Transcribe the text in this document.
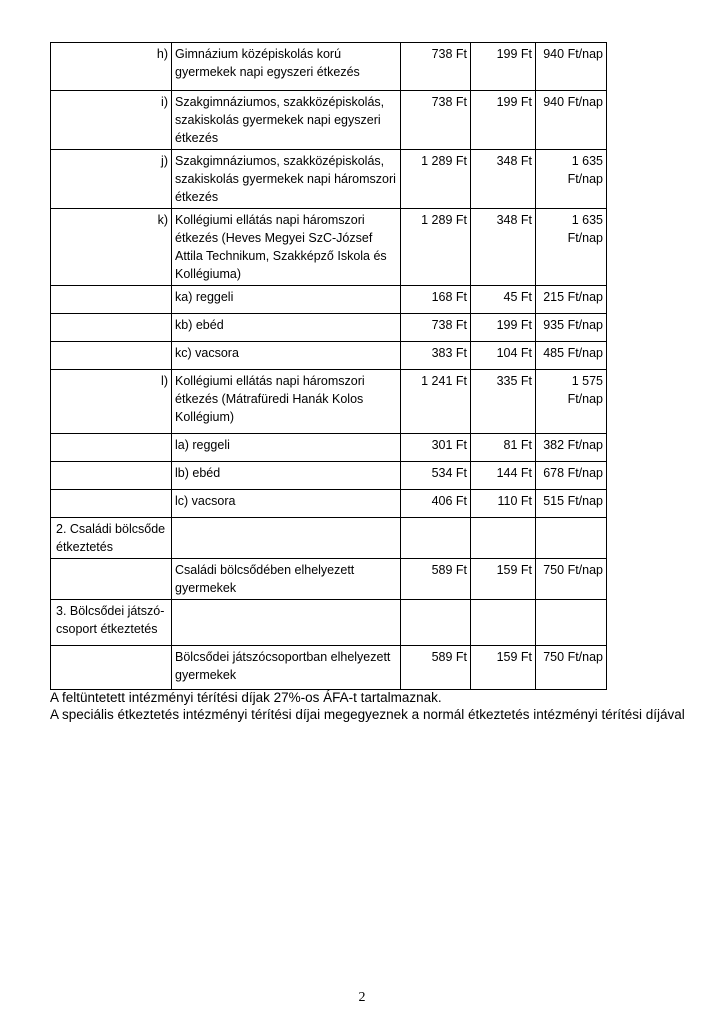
h)	Gimnázium középiskolás korú gyermekek napi egyszeri étkezés	738 Ft	199 Ft	940 Ft/nap

i)	Szakgimnáziumos, szakközépiskolás, szakiskolás gyermekek napi egyszeri étkezés	738 Ft	199 Ft	940 Ft/nap

j)	Szakgimnáziumos, szakközépiskolás, szakiskolás gyermekek napi háromszori étkezés	1 289 Ft	348 Ft	1 635 Ft/nap

k)	Kollégiumi ellátás napi háromszori étkezés (Heves Megyei SzC-József Attila Technikum, Szakképző Iskola és Kollégiuma)	1 289 Ft	348 Ft	1 635 Ft/nap

	ka) reggeli	168 Ft	45 Ft	215 Ft/nap

	kb) ebéd	738 Ft	199 Ft	935 Ft/nap

	kc) vacsora	383 Ft	104 Ft	485 Ft/nap

l)	Kollégiumi ellátás napi háromszori étkezés (Mátrafüredi Hanák Kolos Kollégium)	1 241 Ft	335 Ft	1 575 Ft/nap

	la) reggeli	301 Ft	81 Ft	382 Ft/nap

	lb) ebéd	534 Ft	144 Ft	678 Ft/nap

	lc) vacsora	406 Ft	110 Ft	515 Ft/nap

2. Családi bölcsőde étkeztetés				

	Családi bölcsődében elhelyezett gyermekek	589 Ft	159 Ft	750 Ft/nap

3. Bölcsődei játszó-csoport étkeztetés				

	Bölcsődei játszócsoportban elhelyezett gyermekek	589 Ft	159 Ft	750 Ft/nap
A feltüntetett intézményi térítési díjak 27%-os ÁFA-t tartalmaznak.
A speciális étkeztetés intézményi térítési díjai megegyeznek a normál étkeztetés intézményi térítési díjával
2
